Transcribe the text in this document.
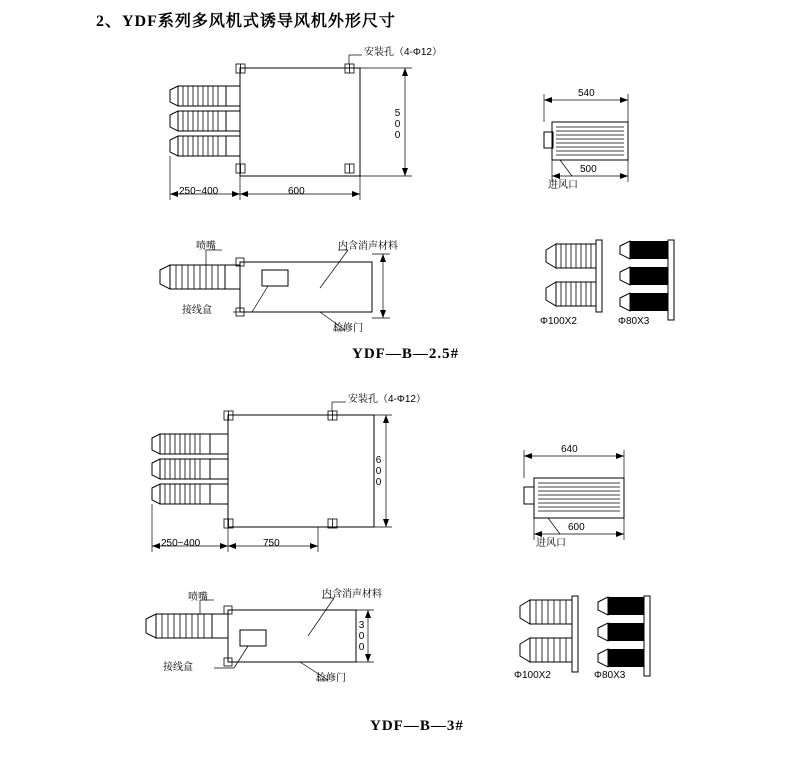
2、YDF系列多风机式诱导风机外形尺寸
安装孔（4-Φ12）
500
600
250~400
喷嘴
接线盒
内含消声材料
检修门
540
500
进风口
Φ100X2	Φ80X3
YDF—B—2.5#
安装孔（4-Φ12）
600
750
250~400
喷嘴
接线盒
内含消声材料
检修门
300
640
600
进风口
Φ100X2	Φ80X3
YDF—B—3#
